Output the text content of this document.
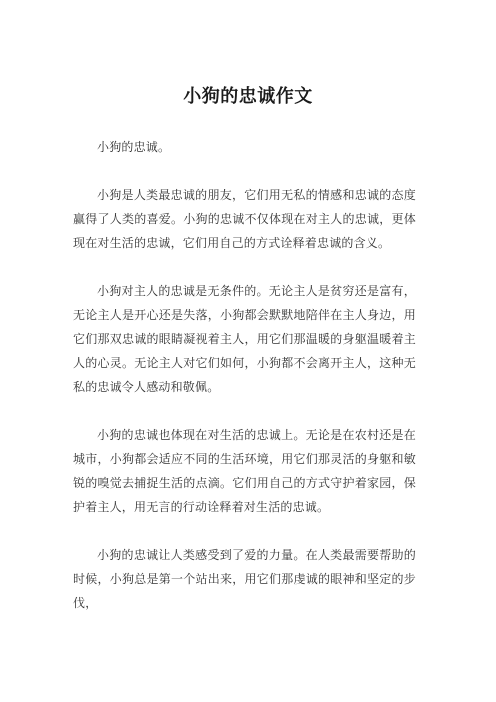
小狗的忠诚作文

小狗的忠诚。

小狗是人类最忠诚的朋友，它们用无私的情感和忠诚的态度赢得了人类的喜爱。小狗的忠诚不仅体现在对主人的忠诚，更体现在对生活的忠诚，它们用自己的方式诠释着忠诚的含义。

小狗对主人的忠诚是无条件的。无论主人是贫穷还是富有，无论主人是开心还是失落，小狗都会默默地陪伴在主人身边，用它们那双忠诚的眼睛凝视着主人，用它们那温暖的身躯温暖着主人的心灵。无论主人对它们如何，小狗都不会离开主人，这种无私的忠诚令人感动和敬佩。

小狗的忠诚也体现在对生活的忠诚上。无论是在农村还是在城市，小狗都会适应不同的生活环境，用它们那灵活的身躯和敏锐的嗅觉去捕捉生活的点滴。它们用自己的方式守护着家园，保护着主人，用无言的行动诠释着对生活的忠诚。

小狗的忠诚让人类感受到了爱的力量。在人类最需要帮助的时候，小狗总是第一个站出来，用它们那虔诚的眼神和坚定的步伐，
